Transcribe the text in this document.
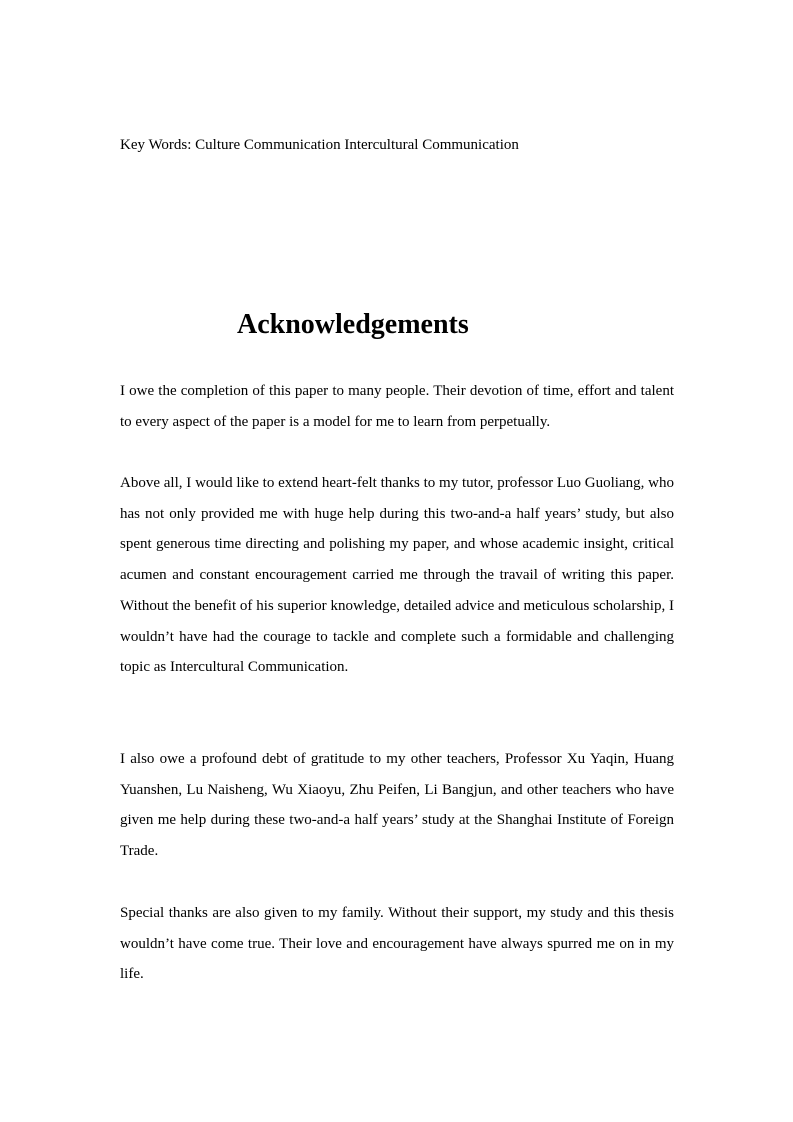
Key Words: Culture Communication Intercultural Communication
Acknowledgements

I owe the completion of this paper to many people. Their devotion of time, effort and talent to every aspect of the paper is a model for me to learn from perpetually.

Above all, I would like to extend heart-felt thanks to my tutor, professor Luo Guoliang, who has not only provided me with huge help during this two-and-a half years’ study, but also spent generous time directing and polishing my paper, and whose academic insight, critical acumen and constant encouragement carried me through the travail of writing this paper. Without the benefit of his superior knowledge, detailed advice and meticulous scholarship, I wouldn’t have had the courage to tackle and complete such a formidable and challenging topic as Intercultural Communication.

I also owe a profound debt of gratitude to my other teachers, Professor Xu Yaqin, Huang Yuanshen, Lu Naisheng, Wu Xiaoyu, Zhu Peifen, Li Bangjun, and other teachers who have given me help during these two-and-a half years’ study at the Shanghai Institute of Foreign Trade.

Special thanks are also given to my family. Without their support, my study and this thesis wouldn’t have come true. Their love and encouragement have always spurred me on in my life.
